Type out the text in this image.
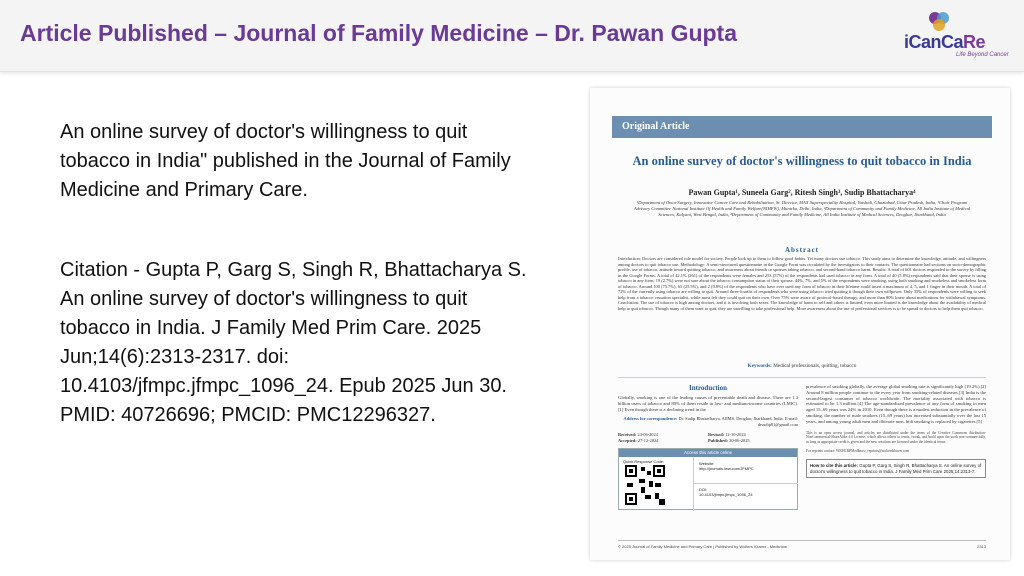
Article Published – Journal of Family Medicine – Dr. Pawan Gupta	iCanCaRe
Life Beyond Cancer
An online survey of doctor's willingness to quit tobacco in India" published in the Journal of Family Medicine and Primary Care.
Citation - Gupta P, Garg S, Singh R, Bhattacharya S. An online survey of doctor's willingness to quit tobacco in India. J Family Med Prim Care. 2025 Jun;14(6):2313-2317. doi: 10.4103/jfmpc.jfmpc_1096_24. Epub 2025 Jun 30. PMID: 40726696; PMCID: PMC12296327.
Original Article
An online survey of doctor's willingness to quit tobacco in India
Pawan Gupta¹, Suneela Garg², Ritesh Singh³, Sudip Bhattacharya⁴
¹Department of Onco-Surgery, Innovative Cancer Care and Rehabilitation, Sr. Director, MAX Superspeciality Hospital, Vaishali, Ghaziabad, Uttar Pradesh, India, ²Chair Program Advisory Committee National Institute Of Health and Family Welfare(NIHFW), Munirka, Delhi, India, ³Department of Community and Family Medicine, All India Institute of Medical Sciences, Kalyani, West Bengal, India, ⁴Department of Community and Family Medicine, All India Institute of Medical Sciences, Deoghar, Jharkhand, India
Abstract
Introduction: Doctors are considered role model for society. People look up to them to follow good habits. Yet many doctors use tobacco. This study aims to determine the knowledge, attitude, and willingness among doctors to quit tobacco use. Methodology: A semi-structured questionnaire in the Google Form was circulated by the investigators to their contacts. The questionnaire had sections on socio-demographic profile, use of tobacco, attitude toward quitting tobacco, and awareness about friends or spouses taking tobacco, and second-hand tobacco harm. Results: A total of 601 doctors responded to the survey by filling in the Google Forms. A total of 42.1% (261) of the respondents were females and 253 (57%) of the respondents had used tobacco in any form. A total of 40 (5.8%) respondents said that their spouse is using tobacco in any form; 19 (2.7%) were not sure about the tobacco consumption status of their spouse. 44%, 7%, and 5% of the respondents were smoking, using both smoking and smokeless and smokeless form of tobacco. Around 100 (75.7%), 65 (25.5%), and 2 (0.8%) of the respondents who have ever used any form of tobacco in their lifetime could insert a maximum of 4, 5, and 1 finger in their mouth. A total of 72% of the currently using tobacco are willing to quit. Around three-fourths of respondents who were using tobacco tried quitting it though their own willpower. Only 35% of respondents were willing to seek help from a tobacco cessation specialist, while most felt they could quit on their own. Over 75% were aware of protocol-based therapy, and more than 80% knew about medications for withdrawal symptoms. Conclusion: The use of tobacco is high among doctors, and it is involving both sexes. The knowledge of harm to self and others is limited, even more limited is the knowledge about the availability of medical help to quit tobacco. Though many of them want to quit, they are unwilling to take professional help. More awareness about the use of professional services is to be spread to doctors to help them quit tobacco.
Keywords: Medical professionals, quitting, tobacco
Introduction
Globally, smoking is one of the leading causes of preventable death and disease. There are 1.3 billion users of tobacco and 80% of them reside in low- and medium-income countries (LMIC).[1] Even though there is a declining trend in the
Address for correspondence: Dr. Sudip Bhattacharya, AIIMS, Deoghar, Jharkhand, India. E-mail: drsudip81@gmail.com
Received: 24-06-2024	Revised: 12-10-2024
Accepted: 27-12-2024	Published: 30-06-2025
Access this article online
Quick Response Code:	Website:
http://journals.lww.com/JFMPC
DOI:
10.4103/jfmpc.jfmpc_1096_24
prevalence of smoking globally, the average global smoking rate is significantly high (19.2%).[2] Around 8 million people continue to die every year from smoking-related diseases.[3] India is the second-largest consumer of tobacco worldwide. The mortality associated with tobacco is estimated to be 1.3 million.[4] The age-standardized prevalence of any form of smoking in men aged 15–69 years was 24% in 2010. Even though there is a modest reduction in the prevalence of smoking, the number of male smokers (15–69 years) has increased substantially over the last 15 years, and among young adult men and illiterate men, bidi smoking is replaced by cigarettes.[5]
This is an open access journal, and articles are distributed under the terms of the Creative Commons Attribution-NonCommercial-ShareAlike 4.0 License, which allows others to remix, tweak, and build upon the work non-commercially, as long as appropriate credit is given and the new creations are licensed under the identical terms.
For reprints contact: WKHLRPMedknow_reprints@wolterskluwer.com
How to cite this article: Gupta P, Garg S, Singh R, Bhattacharya S. An online survey of doctor's willingness to quit tobacco in India. J Family Med Prim Care 2025;14:2313-7.
© 2025 Journal of Family Medicine and Primary Care | Published by Wolters Kluwer - Medknow	2313
